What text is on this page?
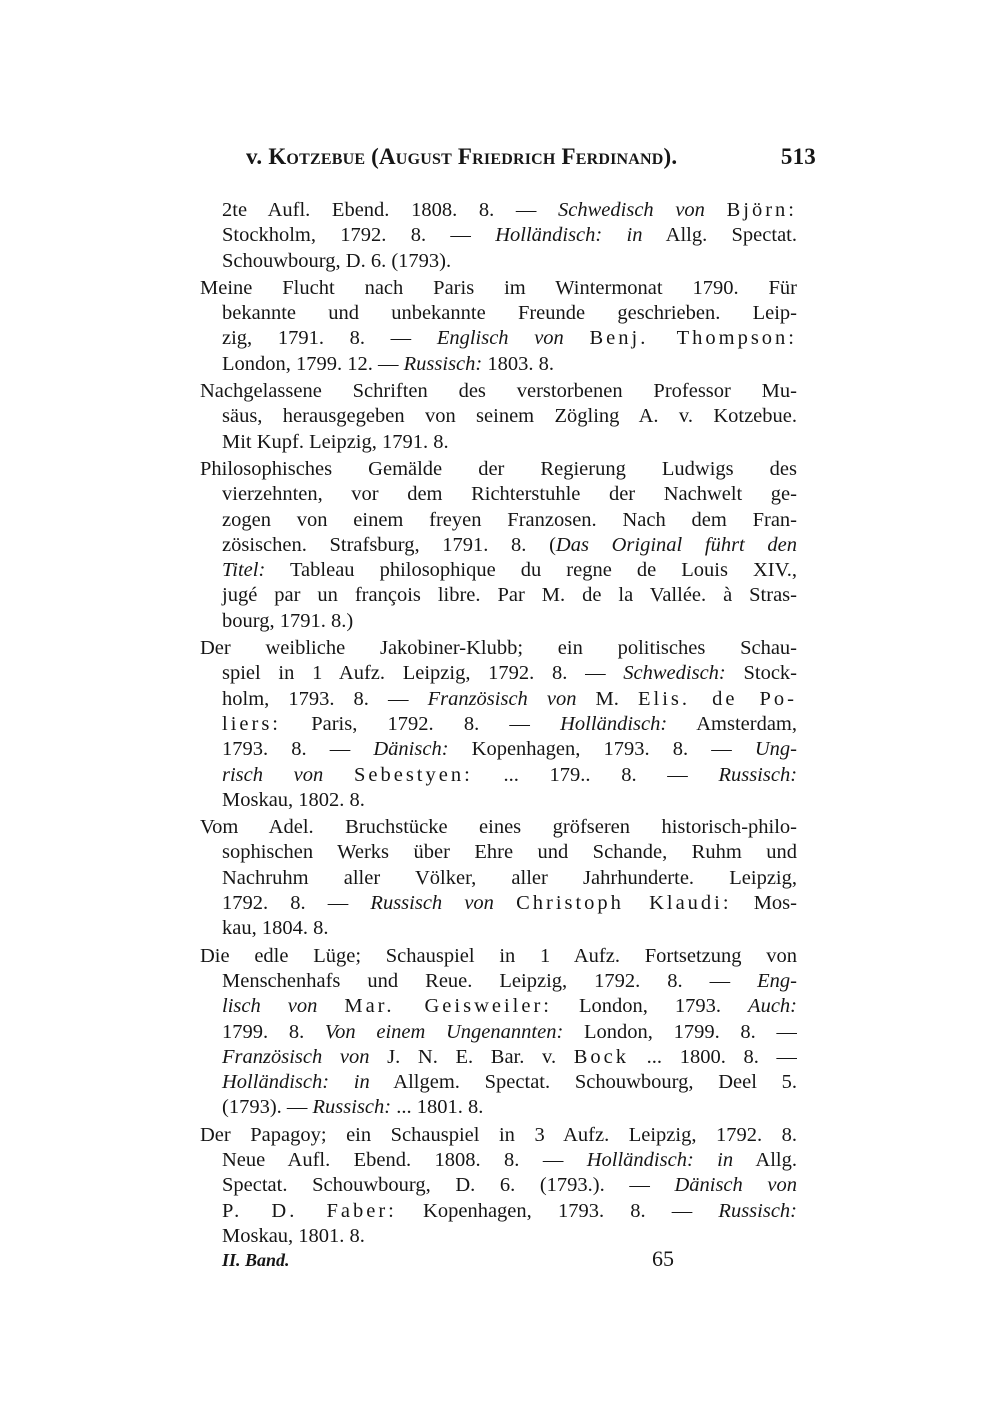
v. Kotzebue (August Friedrich Ferdinand).	513
2te Aufl. Ebend. 1808. 8. — Schwedisch von Björn:
Stockholm, 1792. 8. — Holländisch: in Allg. Spectat.
Schouwbourg, D. 6. (1793).
Meine Flucht nach Paris im Wintermonat 1790. Für
bekannte und unbekannte Freunde geschrieben. Leip-
zig, 1791. 8. — Englisch von Benj. Thompson:
London, 1799. 12. — Russisch: 1803. 8.
Nachgelassene Schriften des verstorbenen Professor Mu-
säus, herausgegeben von seinem Zögling A. v. Kotzebue.
Mit Kupf. Leipzig, 1791. 8.
Philosophisches Gemälde der Regierung Ludwigs des
vierzehnten, vor dem Richterstuhle der Nachwelt ge-
zogen von einem freyen Franzosen. Nach dem Fran-
zösischen. Strafsburg, 1791. 8. (Das Original führt den
Titel: Tableau philosophique du regne de Louis XIV.,
jugé par un françois libre. Par M. de la Vallée. à Stras-
bourg, 1791. 8.)
Der weibliche Jakobiner-Klubb; ein politisches Schau-
spiel in 1 Aufz. Leipzig, 1792. 8. — Schwedisch: Stock-
holm, 1793. 8. — Französisch von M. Elis. de Po-
liers: Paris, 1792. 8. — Holländisch: Amsterdam,
1793. 8. — Dänisch: Kopenhagen, 1793. 8. — Ung-
risch von Sebestyen: ... 179.. 8. — Russisch:
Moskau, 1802. 8.
Vom Adel. Bruchstücke eines gröfseren historisch-philo-
sophischen Werks über Ehre und Schande, Ruhm und
Nachruhm aller Völker, aller Jahrhunderte. Leipzig,
1792. 8. — Russisch von Christoph Klaudi: Mos-
kau, 1804. 8.
Die edle Lüge; Schauspiel in 1 Aufz. Fortsetzung von
Menschenhafs und Reue. Leipzig, 1792. 8. — Eng-
lisch von Mar. Geisweiler: London, 1793. Auch:
1799. 8. Von einem Ungenannten: London, 1799. 8. —
Französisch von J. N. E. Bar. v. Bock ... 1800. 8. —
Holländisch: in Allgem. Spectat. Schouwbourg, Deel 5.
(1793). — Russisch: ... 1801. 8.
Der Papagoy; ein Schauspiel in 3 Aufz. Leipzig, 1792. 8.
Neue Aufl. Ebend. 1808. 8. — Holländisch: in Allg.
Spectat. Schouwbourg, D. 6. (1793.). — Dänisch von
P. D. Faber: Kopenhagen, 1793. 8. — Russisch:
Moskau, 1801. 8.
II. Band.	65
